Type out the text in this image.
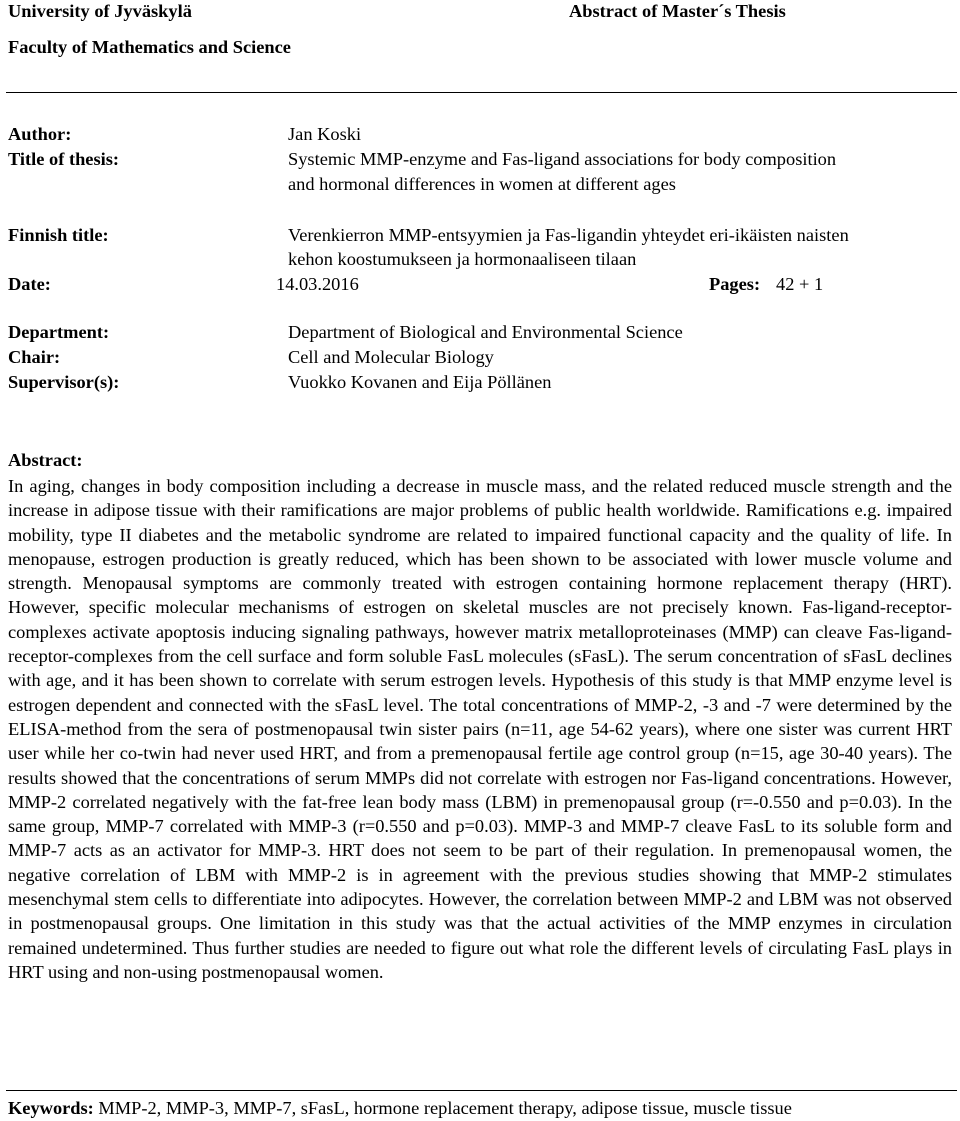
University of Jyväskylä	Abstract of Master´s Thesis
Faculty of Mathematics and Science
Author:	Jan Koski
Title of thesis:	Systemic MMP-enzyme and Fas-ligand associations for body composition
and hormonal differences in women at different ages
Finnish title:	Verenkierron MMP-entsyymien ja Fas-ligandin yhteydet eri-ikäisten naisten
kehon koostumukseen ja hormonaaliseen tilaan
Date:	14.03.2016	Pages: 42 + 1
Department:	Department of Biological and Environmental Science
Chair:	Cell and Molecular Biology
Supervisor(s):	Vuokko Kovanen and Eija Pöllänen
Abstract:
In aging, changes in body composition including a decrease in muscle mass, and the related reduced muscle strength and the increase in adipose tissue with their ramifications are major problems of public health worldwide. Ramifications e.g. impaired mobility, type II diabetes and the metabolic syndrome are related to impaired functional capacity and the quality of life. In menopause, estrogen production is greatly reduced, which has been shown to be associated with lower muscle volume and strength. Menopausal symptoms are commonly treated with estrogen containing hormone replacement therapy (HRT). However, specific molecular mechanisms of estrogen on skeletal muscles are not precisely known. Fas-ligand-receptor-complexes activate apoptosis inducing signaling pathways, however matrix metalloproteinases (MMP) can cleave Fas-ligand-receptor-complexes from the cell surface and form soluble FasL molecules (sFasL). The serum concentration of sFasL declines with age, and it has been shown to correlate with serum estrogen levels. Hypothesis of this study is that MMP enzyme level is estrogen dependent and connected with the sFasL level. The total concentrations of MMP-2, -3 and -7 were determined by the ELISA-method from the sera of postmenopausal twin sister pairs (n=11, age 54-62 years), where one sister was current HRT user while her co-twin had never used HRT, and from a premenopausal fertile age control group (n=15, age 30-40 years). The results showed that the concentrations of serum MMPs did not correlate with estrogen nor Fas-ligand concentrations. However, MMP-2 correlated negatively with the fat-free lean body mass (LBM) in premenopausal group (r=-0.550 and p=0.03). In the same group, MMP-7 correlated with MMP-3 (r=0.550 and p=0.03). MMP-3 and MMP-7 cleave FasL to its soluble form and MMP-7 acts as an activator for MMP-3. HRT does not seem to be part of their regulation. In premenopausal women, the negative correlation of LBM with MMP-2 is in agreement with the previous studies showing that MMP-2 stimulates mesenchymal stem cells to differentiate into adipocytes. However, the correlation between MMP-2 and LBM was not observed in postmenopausal groups. One limitation in this study was that the actual activities of the MMP enzymes in circulation remained undetermined. Thus further studies are needed to figure out what role the different levels of circulating FasL plays in HRT using and non-using postmenopausal women.
Keywords: MMP-2, MMP-3, MMP-7, sFasL, hormone replacement therapy, adipose tissue, muscle tissue
